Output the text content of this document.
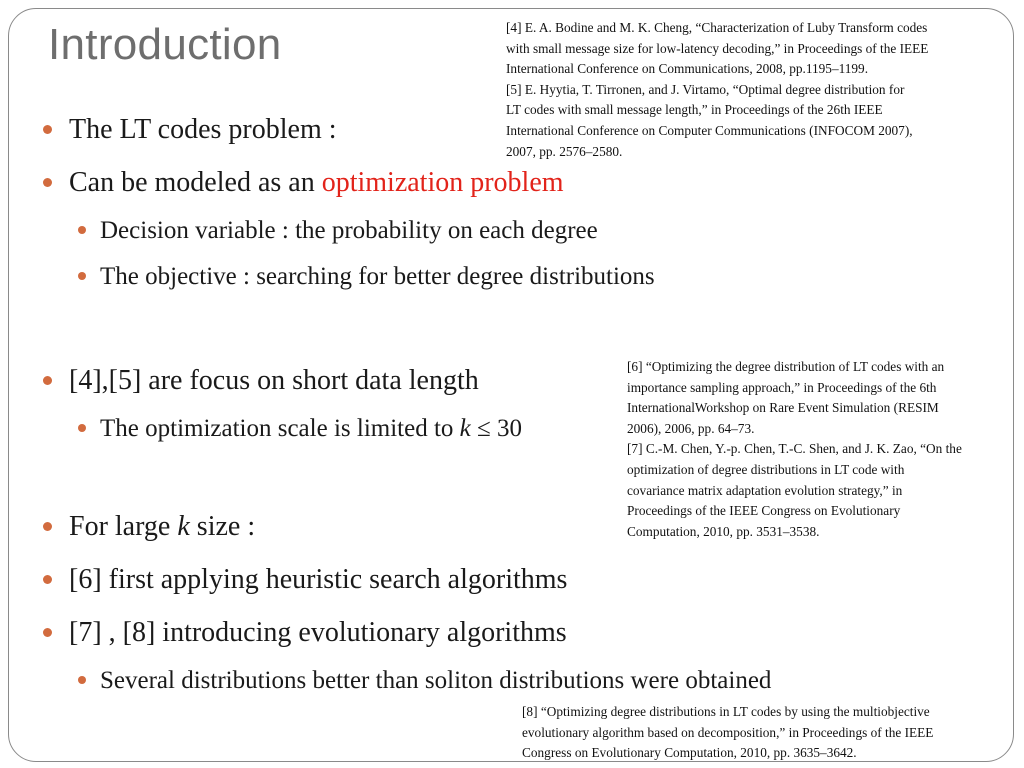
Introduction
The LT codes problem :
Can be modeled as an optimization problem
Decision variable : the probability on each degree
The objective : searching for better degree distributions
[4],[5] are focus on short data length
The optimization scale is limited to k ≤ 30
For large k size :
[6] first applying heuristic search algorithms
[7] , [8] introducing evolutionary algorithms
Several distributions better than soliton distributions were obtained
[4] E. A. Bodine and M. K. Cheng, “Characterization of Luby Transform codes
with small message size for low-latency decoding,” in Proceedings of the IEEE
International Conference on Communications, 2008, pp.1195–1199.
[5] E. Hyytia, T. Tirronen, and J. Virtamo, “Optimal degree distribution for
LT codes with small message length,” in Proceedings of the 26th IEEE
International Conference on Computer Communications (INFOCOM 2007),
2007, pp. 2576–2580.
[6] “Optimizing the degree distribution of LT codes with an
importance sampling approach,” in Proceedings of the 6th
InternationalWorkshop on Rare Event Simulation (RESIM
2006), 2006, pp. 64–73.
[7] C.-M. Chen, Y.-p. Chen, T.-C. Shen, and J. K. Zao, “On the
optimization of degree distributions in LT code with
covariance matrix adaptation evolution strategy,” in
Proceedings of the IEEE Congress on Evolutionary
Computation, 2010, pp. 3531–3538.
[8] “Optimizing degree distributions in LT codes by using the multiobjective
evolutionary algorithm based on decomposition,” in Proceedings of the IEEE
Congress on Evolutionary Computation, 2010, pp. 3635–3642.
